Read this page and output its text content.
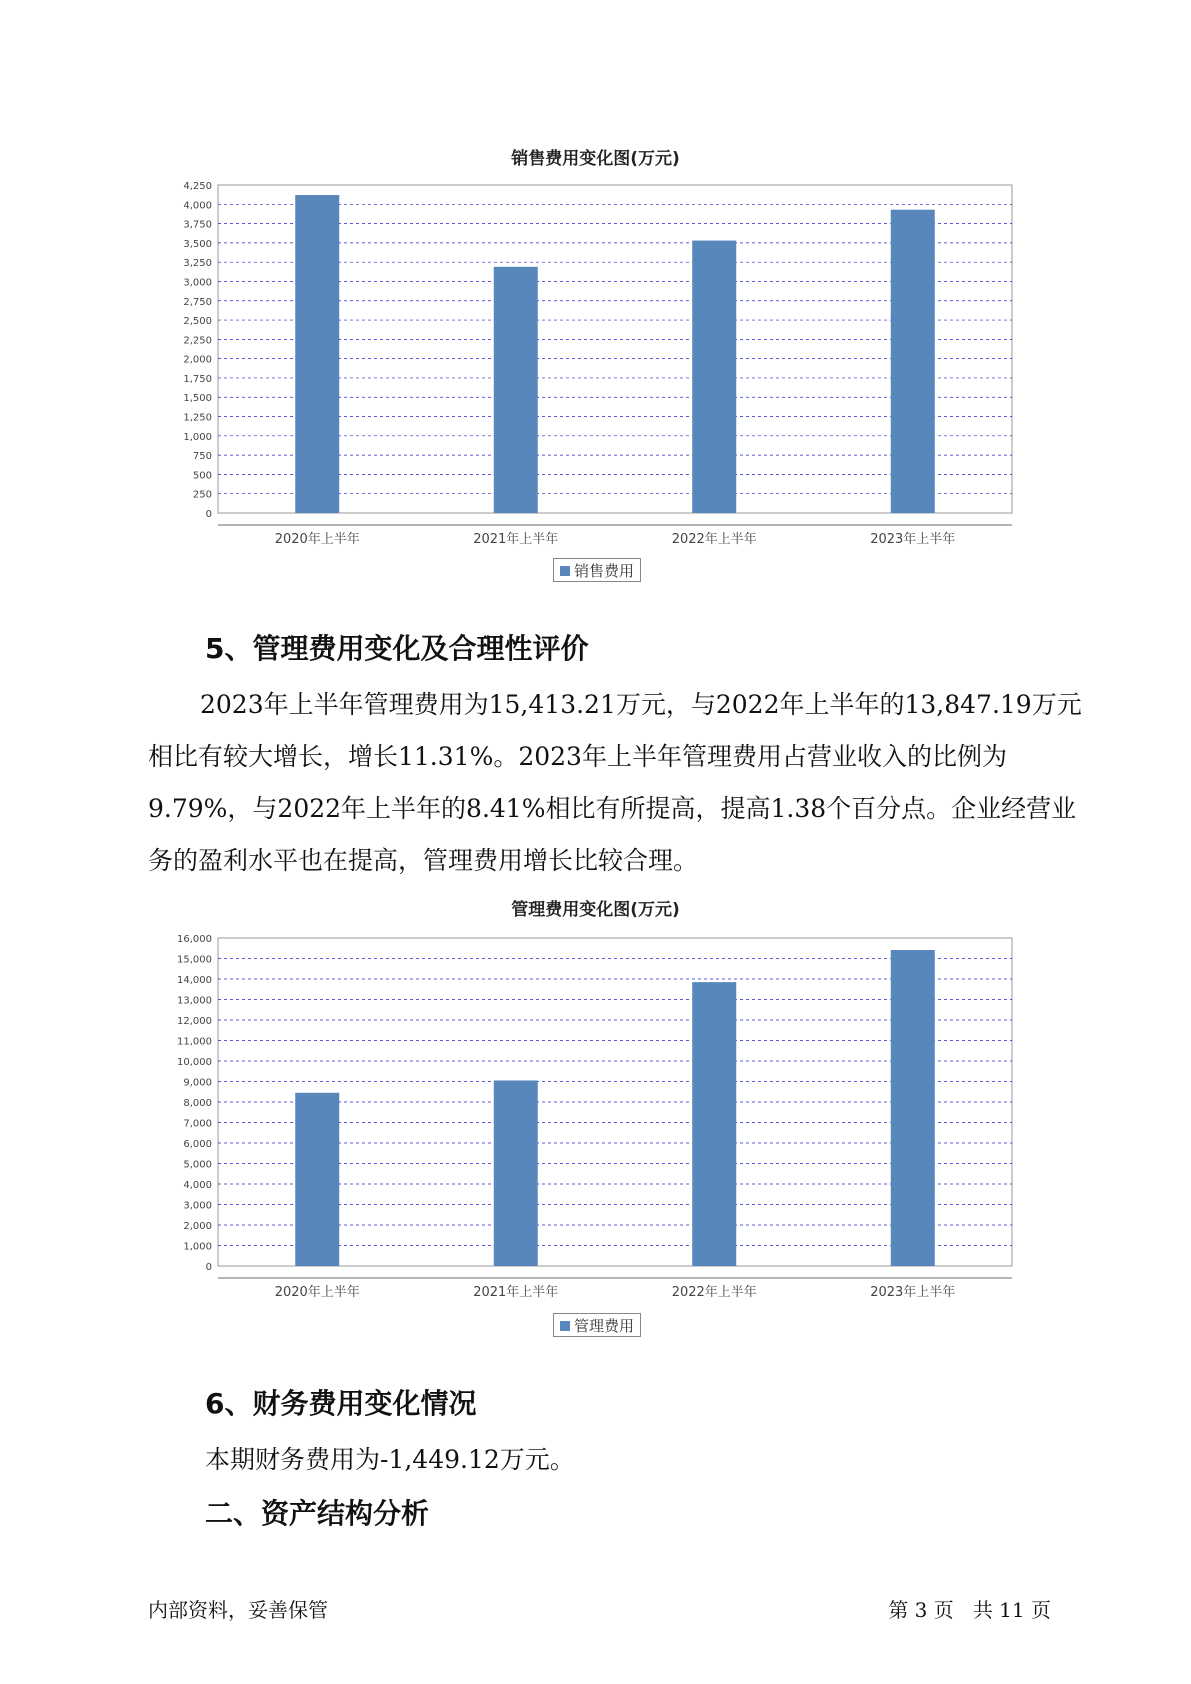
销售费用变化图(万元)
0
250
500
750
1,000
1,250
1,500
1,750
2,000
2,250
2,500
2,750
3,000
3,250
3,500
3,750
4,000
4,250
2020年上半年	2021年上半年	2022年上半年	2023年上半年
销售费用
5、管理费用变化及合理性评价
2023年上半年管理费用为15,413.21万元，与2022年上半年的13,847.19万元相比有较大增长，增长11.31%。2023年上半年管理费用占营业收入的比例为9.79%，与2022年上半年的8.41%相比有所提高，提高1.38个百分点。企业经营业务的盈利水平也在提高，管理费用增长比较合理。
管理费用变化图(万元)
0
1,000
2,000
3,000
4,000
5,000
6,000
7,000
8,000
9,000
10,000
11,000
12,000
13,000
14,000
15,000
16,000
2020年上半年	2021年上半年	2022年上半年	2023年上半年
管理费用
6、财务费用变化情况
本期财务费用为-1,449.12万元。
二、资产结构分析
内部资料，妥善保管	第 3 页   共 11 页
